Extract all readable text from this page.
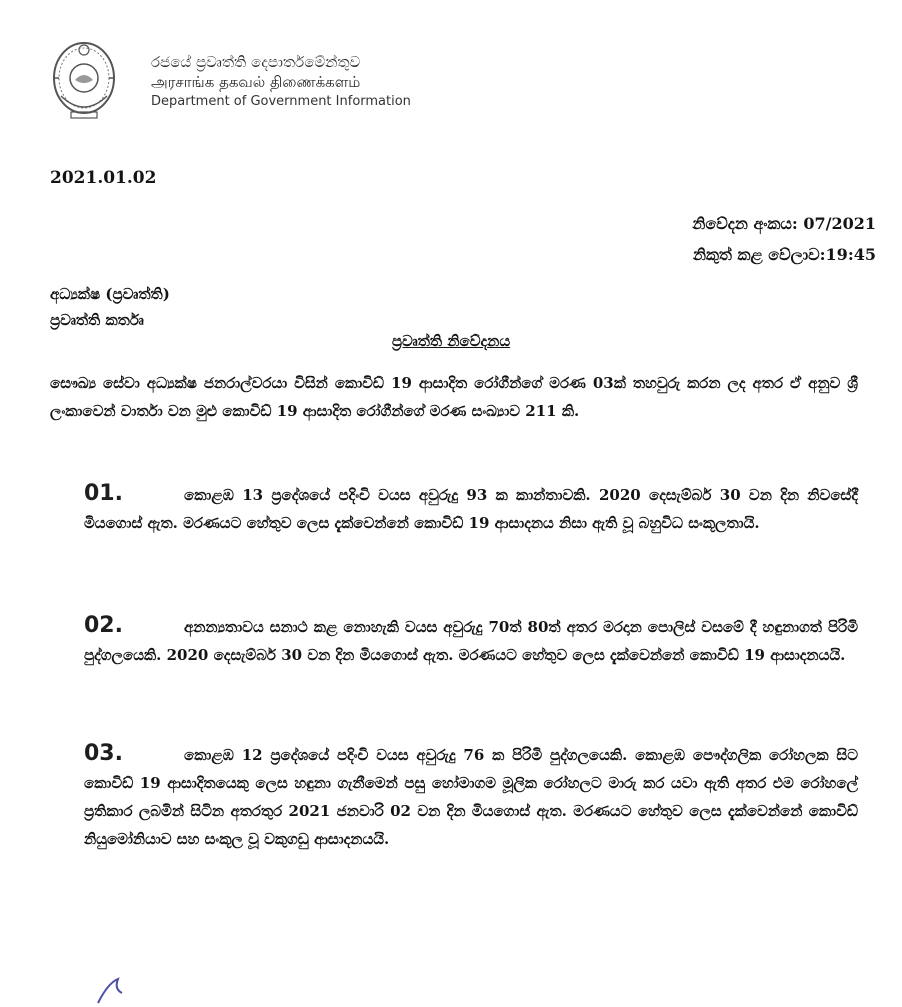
රජයේ ප්‍රවෘත්ති දෙපාර්තමේන්තුව
அரசாங்க தகவல் திணைக்களம்
Department of Government Information
2021.01.02
නිවේදන අංකය: 07/2021
නිකුත් කළ වේලාව:19:45
අධ්‍යක්ෂ (ප්‍රවෘත්ති)
ප්‍රවෘත්ති කර්තෘ
ප්‍රවෘත්ති නිවේදනය
සෞඛ්‍ය සේවා අධ්‍යක්ෂ ජනරාල්වරයා විසින් කොවිඩ් 19 ආසාදිත රෝගීන්ගේ මරණ 03ක් තහවුරු කරන ලද අතර ඒ අනුව ශ්‍රී ලංකාවෙන් වාර්තා වන මුළු කොවිඩ් 19 ආසාදිත රෝගීන්ගේ මරණ සංඛ්‍යාව 211 කි.
01.	කොළඹ 13 ප්‍රදේශයේ පදිංචි වයස අවුරුදු 93 ක කාන්තාවකි. 2020 දෙසැම්බර් 30 වන දින නිවසේදී මියගොස් ඇත. මරණයට හේතුව ලෙස දැක්වෙන්නේ කොවිඩ් 19 ආසාදනය නිසා ඇති වූ බහුවිධ සංකූලතායි.
02.	අනන්‍යතාවය සනාථ කළ නොහැකි වයස අවුරුදු 70ත් 80ත් අතර මරදාන පොලිස් වසමේ දී හඳුනාගත් පිරිමි පුද්ගලයෙකි. 2020 දෙසැම්බර් 30 වන දින මියගොස් ඇත. මරණයට හේතුව ලෙස දැක්වෙන්නේ කොවිඩ් 19 ආසාදනයයි.
03.	කොළඹ 12 ප්‍රදේශයේ පදිංචි වයස අවුරුදු 76 ක පිරිමි පුද්ගලයෙකි. කොළඹ පෞද්ගලික රෝහලක සිට කොවිඩ් 19 ආසාදිතයෙකු ලෙස හඳුනා ගැනීමෙන් පසු හෝමාගම මූලික රෝහලට මාරු කර යවා ඇති අතර එම රෝහලේ ප්‍රතිකාර ලබමින් සිටින අතරතුර 2021 ජනවාරි 02 වන දින මියගොස් ඇත. මරණයට හේතුව ලෙස දැක්වෙන්නේ කොවිඩ් නියුමෝනියාව සහ සංකූල වූ වකුගඩු ආසාදනයයි.
